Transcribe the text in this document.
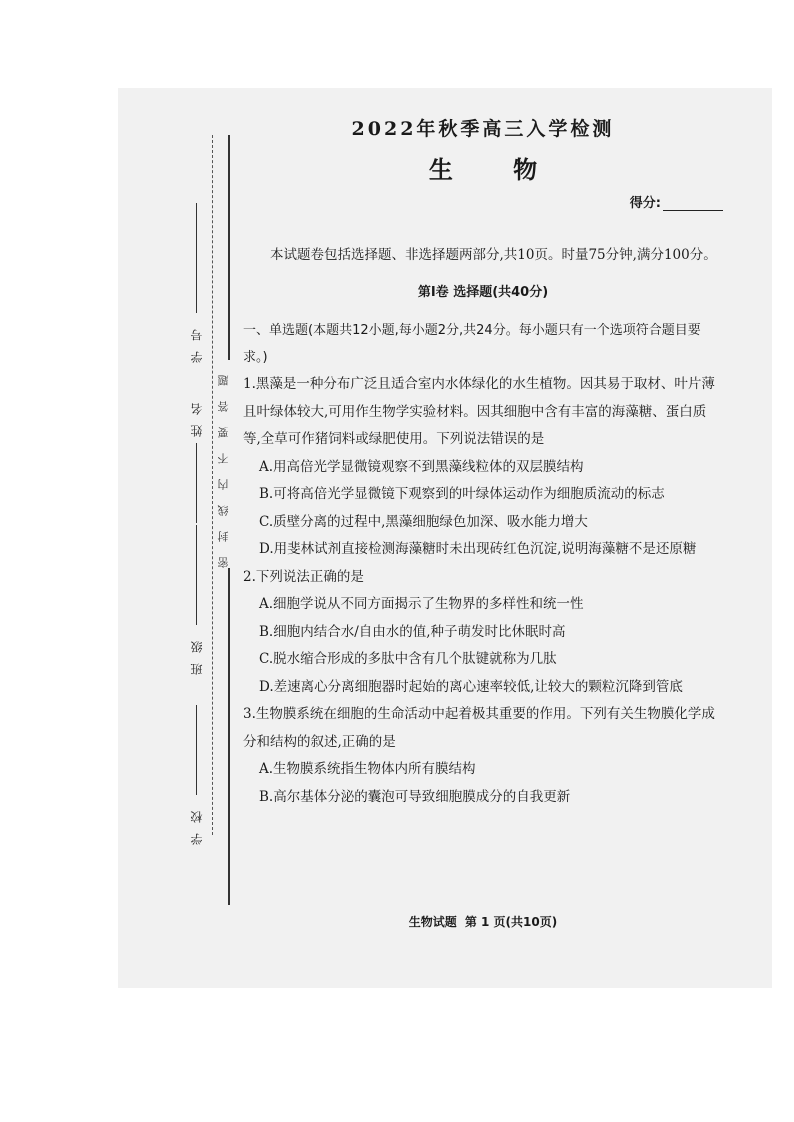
学号
姓名
班级
学校
密封线内不要答题
2022年秋季高三入学检测
生 物
得分:

本试题卷包括选择题、非选择题两部分,共10页。时量75分钟,满分100分。

第Ⅰ卷 选择题(共40分)
一、单选题(本题共12小题,每小题2分,共24分。每小题只有一个选项符合题目要求。)

1.黑藻是一种分布广泛且适合室内水体绿化的水生植物。因其易于取材、叶片薄且叶绿体较大,可用作生物学实验材料。因其细胞中含有丰富的海藻糖、蛋白质等,全草可作猪饲料或绿肥使用。下列说法错误的是

A.用高倍光学显微镜观察不到黑藻线粒体的双层膜结构

B.可将高倍光学显微镜下观察到的叶绿体运动作为细胞质流动的标志

C.质壁分离的过程中,黑藻细胞绿色加深、吸水能力增大

D.用斐林试剂直接检测海藻糖时未出现砖红色沉淀,说明海藻糖不是还原糖

2.下列说法正确的是

A.细胞学说从不同方面揭示了生物界的多样性和统一性

B.细胞内结合水/自由水的值,种子萌发时比休眠时高

C.脱水缩合形成的多肽中含有几个肽键就称为几肽

D.差速离心分离细胞器时起始的离心速率较低,让较大的颗粒沉降到管底

3.生物膜系统在细胞的生命活动中起着极其重要的作用。下列有关生物膜化学成分和结构的叙述,正确的是

A.生物膜系统指生物体内所有膜结构

B.高尔基体分泌的囊泡可导致细胞膜成分的自我更新

生物试题 第 1 页(共10页)
